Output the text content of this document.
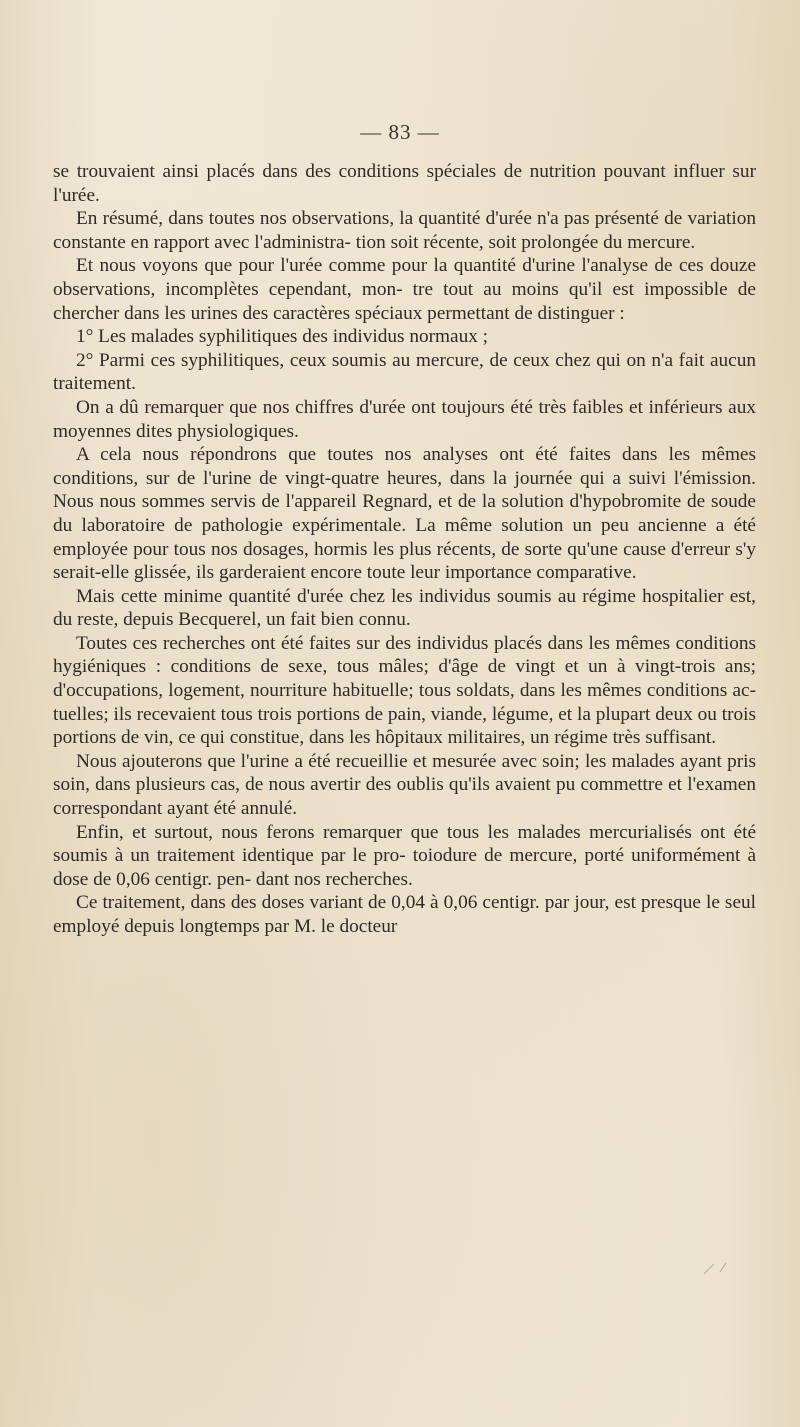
— 83 —

se trouvaient ainsi placés dans des conditions spéciales de nutrition pouvant influer sur l'urée.

En résumé, dans toutes nos observations, la quantité d'urée n'a pas présenté de variation constante en rapport avec l'administra- tion soit récente, soit prolongée du mercure.

Et nous voyons que pour l'urée comme pour la quantité d'urine l'analyse de ces douze observations, incomplètes cependant, mon- tre tout au moins qu'il est impossible de chercher dans les urines des caractères spéciaux permettant de distinguer :

1° Les malades syphilitiques des individus normaux ;

2° Parmi ces syphilitiques, ceux soumis au mercure, de ceux chez qui on n'a fait aucun traitement.

On a dû remarquer que nos chiffres d'urée ont toujours été très faibles et inférieurs aux moyennes dites physiologiques.

A cela nous répondrons que toutes nos analyses ont été faites dans les mêmes conditions, sur de l'urine de vingt-quatre heures, dans la journée qui a suivi l'émission. Nous nous sommes servis de l'appareil Regnard, et de la solution d'hypobromite de soude du laboratoire de pathologie expérimentale. La même solution un peu ancienne a été employée pour tous nos dosages, hormis les plus récents, de sorte qu'une cause d'erreur s'y serait-elle glissée, ils garderaient encore toute leur importance comparative.

Mais cette minime quantité d'urée chez les individus soumis au régime hospitalier est, du reste, depuis Becquerel, un fait bien connu.

Toutes ces recherches ont été faites sur des individus placés dans les mêmes conditions hygiéniques : conditions de sexe, tous mâles; d'âge de vingt et un à vingt-trois ans; d'occupations, logement, nourriture habituelle; tous soldats, dans les mêmes conditions ac- tuelles; ils recevaient tous trois portions de pain, viande, légume, et la plupart deux ou trois portions de vin, ce qui constitue, dans les hôpitaux militaires, un régime très suffisant.

Nous ajouterons que l'urine a été recueillie et mesurée avec soin; les malades ayant pris soin, dans plusieurs cas, de nous avertir des oublis qu'ils avaient pu commettre et l'examen correspondant ayant été annulé.

Enfin, et surtout, nous ferons remarquer que tous les malades mercurialisés ont été soumis à un traitement identique par le pro- toiodure de mercure, porté uniformément à dose de 0,06 centigr. pen- dant nos recherches.

Ce traitement, dans des doses variant de 0,04 à 0,06 centigr. par jour, est presque le seul employé depuis longtemps par M. le docteur
